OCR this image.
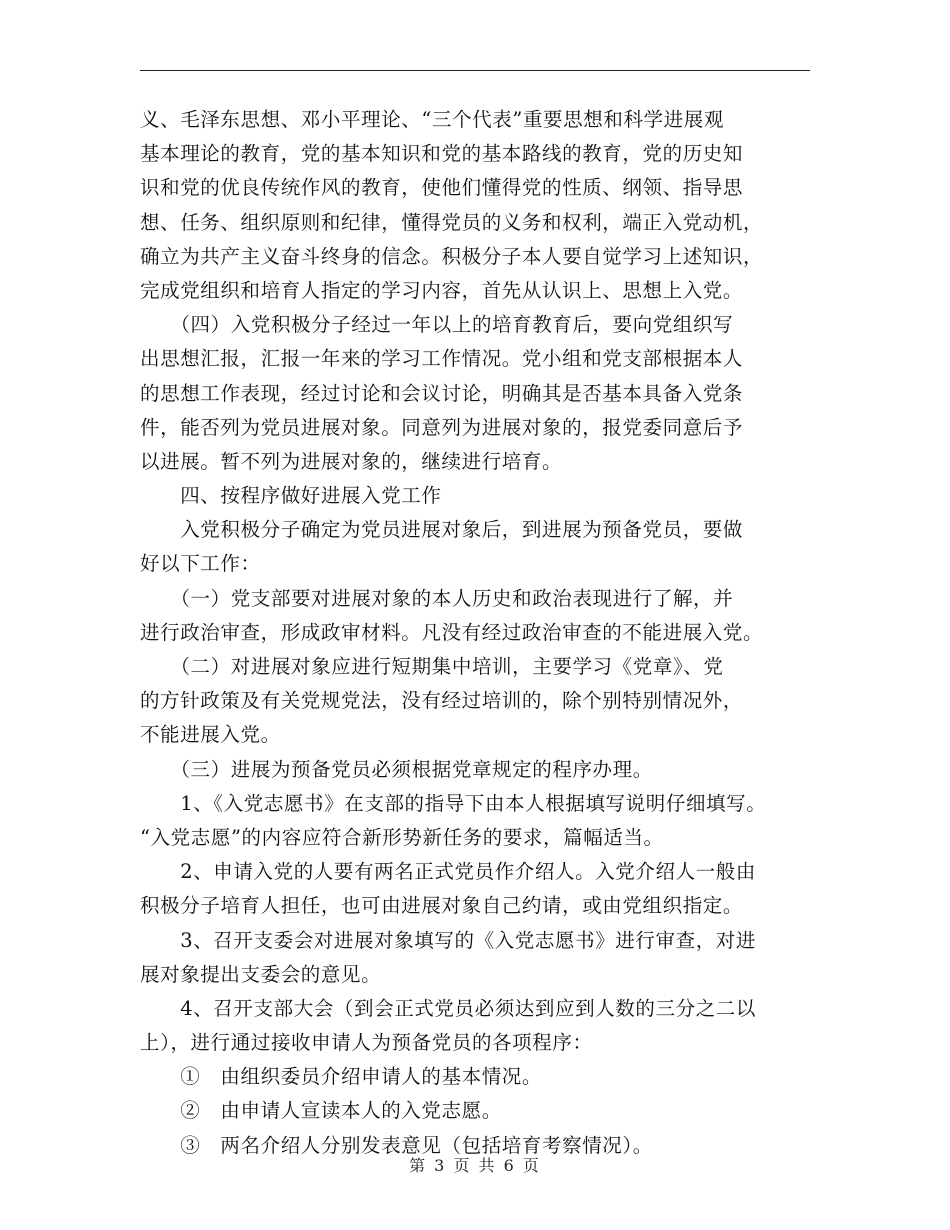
义、毛泽东思想、邓小平理论、“三个代表”重要思想和科学进展观
基本理论的教育，党的基本知识和党的基本路线的教育，党的历史知
识和党的优良传统作风的教育，使他们懂得党的性质、纲领、指导思
想、任务、组织原则和纪律，懂得党员的义务和权利，端正入党动机，
确立为共产主义奋斗终身的信念。积极分子本人要自觉学习上述知识，
完成党组织和培育人指定的学习内容，首先从认识上、思想上入党。
　　（四）入党积极分子经过一年以上的培育教育后，要向党组织写
出思想汇报，汇报一年来的学习工作情况。党小组和党支部根据本人
的思想工作表现，经过讨论和会议讨论，明确其是否基本具备入党条
件，能否列为党员进展对象。同意列为进展对象的，报党委同意后予
以进展。暂不列为进展对象的，继续进行培育。
　　四、按程序做好进展入党工作
　　入党积极分子确定为党员进展对象后，到进展为预备党员，要做
好以下工作：
　　（一）党支部要对进展对象的本人历史和政治表现进行了解，并
进行政治审查，形成政审材料。凡没有经过政治审查的不能进展入党。
　　（二）对进展对象应进行短期集中培训，主要学习《党章》、党
的方针政策及有关党规党法，没有经过培训的，除个别特别情况外，
不能进展入党。
　　（三）进展为预备党员必须根据党章规定的程序办理。
　　1、《入党志愿书》在支部的指导下由本人根据填写说明仔细填写。
“入党志愿”的内容应符合新形势新任务的要求，篇幅适当。
　　2、申请入党的人要有两名正式党员作介绍人。入党介绍人一般由
积极分子培育人担任，也可由进展对象自己约请，或由党组织指定。
　　3、召开支委会对进展对象填写的《入党志愿书》进行审查，对进
展对象提出支委会的意见。
　　4、召开支部大会（到会正式党员必须达到应到人数的三分之二以
上），进行通过接收申请人为预备党员的各项程序：
　　①　由组织委员介绍申请人的基本情况。
　　②　由申请人宣读本人的入党志愿。
　　③　两名介绍人分别发表意见（包括培育考察情况）。
第 3 页 共 6 页
